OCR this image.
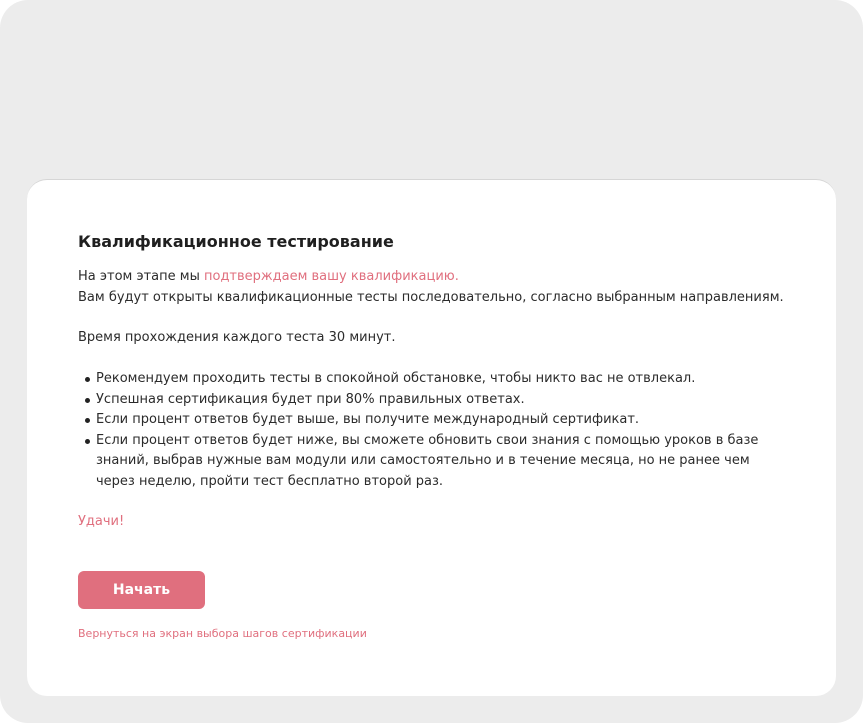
Квалификационное тестирование

На этом этапе мы подтверждаем вашу квалификацию.
Вам будут открыты квалификационные тесты последовательно, согласно выбранным направлениям.

Время прохождения каждого теста 30 минут.

Рекомендуем проходить тесты в спокойной обстановке, чтобы никто вас не отвлекал.
Успешная сертификация будет при 80% правильных ответах.
Если процент ответов будет выше, вы получите международный сертификат.
Если процент ответов будет ниже, вы сможете обновить свои знания с помощью уроков в базе знаний, выбрав нужные вам модули или самостоятельно и в течение месяца, но не ранее чем через неделю, пройти тест бесплатно второй раз.

Удачи!

Начать
Вернуться на экран выбора шагов сертификации
